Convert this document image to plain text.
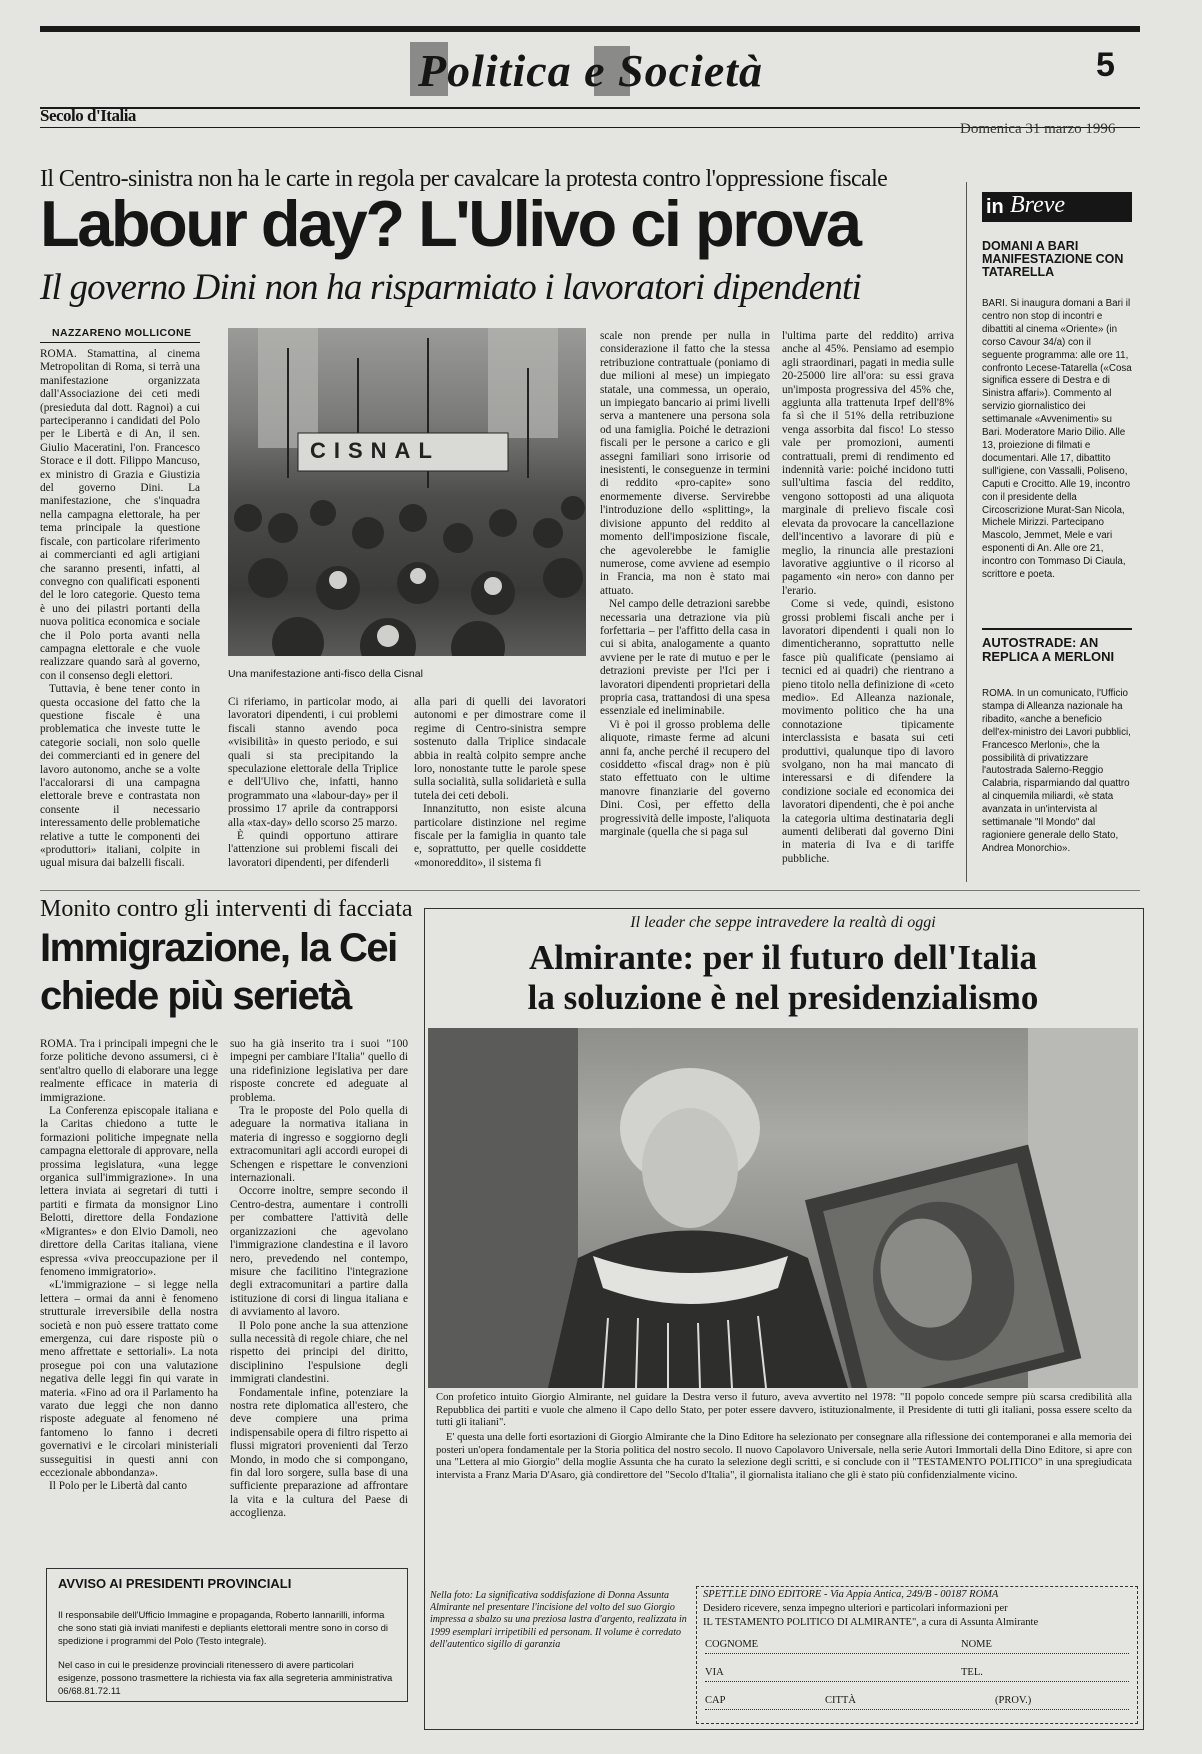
Politica e Società	5
Secolo d'Italia
Domenica 31 marzo 1996
Il Centro-sinistra non ha le carte in regola per cavalcare la protesta contro l'oppressione fiscale
Labour day? L'Ulivo ci prova
Il governo Dini non ha risparmiato i lavoratori dipendenti
NAZZARENO MOLLICONE

ROMA. Stamattina, al cinema Metropolitan di Roma, si terrà una manifestazione organizzata dall'Associazione dei ceti medi (presieduta dal dott. Ragnoi) a cui parteciperanno i candidati del Polo per le Libertà e di An, il sen. Giulio Maceratini, l'on. Francesco Storace e il dott. Filippo Mancuso, ex ministro di Grazia e Giustizia del governo Dini. La manifestazione, che s'inquadra nella campagna elettorale, ha per tema principale la questione fiscale, con particolare riferimento ai commercianti ed agli artigiani che saranno presenti, infatti, al convegno con qualificati esponenti del le loro categorie. Questo tema è uno dei pilastri portanti della nuova politica economica e sociale che il Polo porta avanti nella campagna elettorale e che vuole realizzare quando sarà al governo, con il consenso degli elettori.

Tuttavia, è bene tener conto in questa occasione del fatto che la questione fiscale è una problematica che investe tutte le categorie sociali, non solo quelle dei commercianti ed in genere del lavoro autonomo, anche se a volte l'accalorarsi di una campagna elettorale breve e contrastata non consente il necessario interessamento delle problematiche relative a tutte le componenti dei «produttori» italiani, colpite in ugual misura dai balzelli fiscali.

CISNAL
Una manifestazione anti-fisco della Cisnal

Ci riferiamo, in particolar modo, ai lavoratori dipendenti, i cui problemi fiscali stanno avendo poca «visibilità» in questo periodo, e sui quali si sta precipitando la speculazione elettorale della Triplice e dell'Ulivo che, infatti, hanno programmato una «labour-day» per il prossimo 17 aprile da contrapporsi alla «tax-day» dello scorso 25 marzo.

È quindi opportuno attirare l'attenzione sui problemi fiscali dei lavoratori dipendenti, per difenderli

alla pari di quelli dei lavoratori autonomi e per dimostrare come il regime di Centro-sinistra sempre sostenuto dalla Triplice sindacale abbia in realtà colpito sempre anche loro, nonostante tutte le parole spese sulla socialità, sulla solidarietà e sulla tutela dei ceti deboli.

Innanzitutto, non esiste alcuna particolare distinzione nel regime fiscale per la famiglia in quanto tale e, soprattutto, per quelle cosiddette «monoreddito», il sistema fi

scale non prende per nulla in considerazione il fatto che la stessa retribuzione contrattuale (poniamo di due milioni al mese) un impiegato statale, una commessa, un operaio, un impiegato bancario ai primi livelli serva a mantenere una persona sola od una famiglia. Poiché le detrazioni fiscali per le persone a carico e gli assegni familiari sono irrisorie od inesistenti, le conseguenze in termini di reddito «pro-capite» sono enormemente diverse. Servirebbe l'introduzione dello «splitting», la divisione appunto del reddito al momento dell'imposizione fiscale, che agevolerebbe le famiglie numerose, come avviene ad esempio in Francia, ma non è stato mai attuato.

Nel campo delle detrazioni sarebbe necessaria una detrazione via più forfettaria – per l'affitto della casa in cui si abita, analogamente a quanto avviene per le rate di mutuo e per le detrazioni previste per l'Ici per i lavoratori dipendenti proprietari della propria casa, trattandosi di una spesa essenziale ed ineliminabile.

Vi è poi il grosso problema delle aliquote, rimaste ferme ad alcuni anni fa, anche perché il recupero del cosiddetto «fiscal drag» non è più stato effettuato con le ultime manovre finanziarie del governo Dini. Così, per effetto della progressività delle imposte, l'aliquota marginale (quella che si paga sul

l'ultima parte del reddito) arriva anche al 45%. Pensiamo ad esempio agli straordinari, pagati in media sulle 20-25000 lire all'ora: su essi grava un'imposta progressiva del 45% che, aggiunta alla trattenuta Irpef dell'8% fa sì che il 51% della retribuzione venga assorbita dal fisco! Lo stesso vale per promozioni, aumenti contrattuali, premi di rendimento ed indennità varie: poiché incidono tutti sull'ultima fascia del reddito, vengono sottoposti ad una aliquota marginale di prelievo fiscale così elevata da provocare la cancellazione dell'incentivo a lavorare di più e meglio, la rinuncia alle prestazioni lavorative aggiuntive o il ricorso al pagamento «in nero» con danno per l'erario.

Come si vede, quindi, esistono grossi problemi fiscali anche per i lavoratori dipendenti i quali non lo dimenticheranno, soprattutto nelle fasce più qualificate (pensiamo ai tecnici ed ai quadri) che rientrano a pieno titolo nella definizione di «ceto medio». Ed Alleanza nazionale, movimento politico che ha una connotazione tipicamente interclassista e basata sui ceti produttivi, qualunque tipo di lavoro svolgano, non ha mai mancato di interessarsi e di difendere la condizione sociale ed economica dei lavoratori dipendenti, che è poi anche la categoria ultima destinataria degli aumenti deliberati dal governo Dini in materia di Iva e di tariffe pubbliche.

in Breve
DOMANI A BARI MANIFESTAZIONE CON TATARELLA
BARI. Si inaugura domani a Bari il centro non stop di incontri e dibattiti al cinema «Oriente» (in corso Cavour 34/a) con il seguente programma: alle ore 11, confronto Lecese-Tatarella («Cosa significa essere di Destra e di Sinistra affari»). Commento al servizio giornalistico dei settimanale «Avvenimenti» su Bari. Moderatore Mario Dilio. Alle 13, proiezione di filmati e documentari. Alle 17, dibattito sull'igiene, con Vassalli, Poliseno, Caputi e Crocitto. Alle 19, incontro con il presidente della Circoscrizione Murat-San Nicola, Michele Mirizzi. Partecipano Mascolo, Jemmet, Mele e vari esponenti di An. Alle ore 21, incontro con Tommaso Di Ciaula, scrittore e poeta.
AUTOSTRADE: AN REPLICA A MERLONI
ROMA. In un comunicato, l'Ufficio stampa di Alleanza nazionale ha ribadito, «anche a beneficio dell'ex-ministro dei Lavori pubblici, Francesco Merloni», che la possibilità di privatizzare l'autostrada Salerno-Reggio Calabria, risparmiando dal quattro al cinquemila miliardi, «è stata avanzata in un'intervista al settimanale "Il Mondo" dal ragioniere generale dello Stato, Andrea Monorchio».
Monito contro gli interventi di facciata
Immigrazione, la Cei
chiede più serietà

ROMA. Tra i principali impegni che le forze politiche devono assumersi, ci è sent'altro quello di elaborare una legge realmente efficace in materia di immigrazione.

La Conferenza episcopale italiana e la Caritas chiedono a tutte le formazioni politiche impegnate nella campagna elettorale di approvare, nella prossima legislatura, «una legge organica sull'immigrazione». In una lettera inviata ai segretari di tutti i partiti e firmata da monsignor Lino Belotti, direttore della Fondazione «Migrantes» e don Elvio Damoli, neo direttore della Caritas italiana, viene espressa «viva preoccupazione per il fenomeno immigratorio».

«L'immigrazione – si legge nella lettera – ormai da anni è fenomeno strutturale irreversibile della nostra società e non può essere trattato come emergenza, cui dare risposte più o meno affrettate e settoriali». La nota prosegue poi con una valutazione negativa delle leggi fin qui varate in materia. «Fino ad ora il Parlamento ha varato due leggi che non danno risposte adeguate al fenomeno né fantomeno lo fanno i decreti governativi e le circolari ministeriali susseguitisi in questi anni con eccezionale abbondanza».

Il Polo per le Libertà dal canto

suo ha già inserito tra i suoi "100 impegni per cambiare l'Italia" quello di una ridefinizione legislativa per dare risposte concrete ed adeguate al problema.

Tra le proposte del Polo quella di adeguare la normativa italiana in materia di ingresso e soggiorno degli extracomunitari agli accordi europei di Schengen e rispettare le convenzioni internazionali.

Occorre inoltre, sempre secondo il Centro-destra, aumentare i controlli per combattere l'attività delle organizzazioni che agevolano l'immigrazione clandestina e il lavoro nero, prevedendo nel contempo, misure che facilitino l'integrazione degli extracomunitari a partire dalla istituzione di corsi di lingua italiana e di avviamento al lavoro.

Il Polo pone anche la sua attenzione sulla necessità di regole chiare, che nel rispetto dei principi del diritto, disciplinino l'espulsione degli immigrati clandestini.

Fondamentale infine, potenziare la nostra rete diplomatica all'estero, che deve compiere una prima indispensabile opera di filtro rispetto ai flussi migratori provenienti dal Terzo Mondo, in modo che si compongano, fin dal loro sorgere, sulla base di una sufficiente preparazione ad affrontare la vita e la cultura del Paese di accoglienza.

AVVISO AI PRESIDENTI PROVINCIALI
Il responsabile dell'Ufficio Immagine e propaganda, Roberto Iannarilli, informa che sono stati già inviati manifesti e depliants elettorali mentre sono in corso di spedizione i programmi del Polo (Testo integrale).
Nel caso in cui le presidenze provinciali ritenessero di avere particolari esigenze, possono trasmettere la richiesta via fax alla segreteria amministrativa 06/68.81.72.11
Il leader che seppe intravedere la realtà di oggi
Almirante: per il futuro dell'Italia
la soluzione è nel presidenzialismo
Con profetico intuito Giorgio Almirante, nel guidare la Destra verso il futuro, aveva avvertito nel 1978: "Il popolo concede sempre più scarsa credibilità alla Repubblica dei partiti e vuole che almeno il Capo dello Stato, per poter essere davvero, istituzionalmente, il Presidente di tutti gli italiani, possa essere scelto da tutti gli italiani".
E' questa una delle forti esortazioni di Giorgio Almirante che la Dino Editore ha selezionato per consegnare alla riflessione dei contemporanei e alla memoria dei posteri un'opera fondamentale per la Storia politica del nostro secolo. Il nuovo Capolavoro Universale, nella serie Autori Immortali della Dino Editore, si apre con una "Lettera al mio Giorgio" della moglie Assunta che ha curato la selezione degli scritti, e si conclude con il "TESTAMENTO POLITICO" in una spregiudicata intervista a Franz Maria D'Asaro, già condirettore del "Secolo d'Italia", il giornalista italiano che gli è stato più confidenzialmente vicino.
Nella foto: La significativa soddisfazione di Donna Assunta Almirante nel presentare l'incisione del volto del suo Giorgio impressa a sbalzo su una preziosa lastra d'argento, realizzata in 1999 esemplari irripetibili ed personam. Il volume è corredato dell'autentico sigillo di garanzia
SPETT.LE DINO EDITORE - Via Appia Antica, 249/B - 00187 ROMA
Desidero ricevere, senza impegno ulteriori e particolari informazioni per
IL TESTAMENTO POLITICO DI ALMIRANTE", a cura di Assunta Almirante
COGNOME	NOME
VIA	TEL.
CAP	CITTÀ	(PROV.)
